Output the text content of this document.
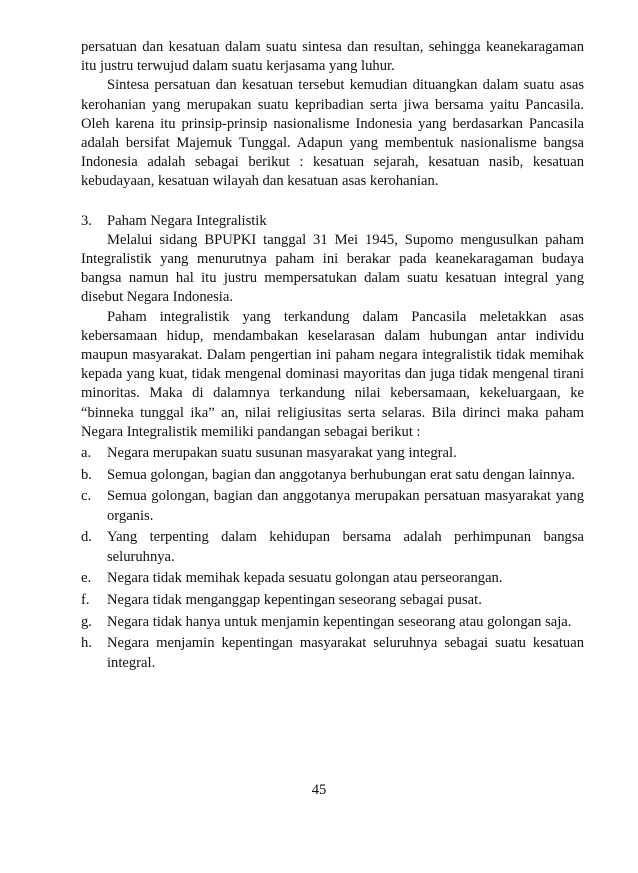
persatuan dan kesatuan dalam suatu sintesa dan resultan, sehingga keanekaragaman itu justru terwujud dalam suatu kerjasama yang luhur.

Sintesa persatuan dan kesatuan tersebut kemudian dituangkan dalam suatu asas kerohanian yang merupakan suatu kepribadian serta jiwa bersama yaitu Pancasila. Oleh karena itu prinsip-prinsip nasionalisme Indonesia yang berdasarkan Pancasila adalah bersifat Majemuk Tunggal. Adapun yang membentuk nasionalisme bangsa Indonesia adalah sebagai berikut : kesatuan sejarah, kesatuan nasib, kesatuan kebudayaan, kesatuan wilayah dan kesatuan asas kerohanian.

3. Paham Negara Integralistik

Melalui sidang BPUPKI tanggal 31 Mei 1945, Supomo mengusulkan paham Integralistik yang menurutnya paham ini berakar pada keanekaragaman budaya bangsa namun hal itu justru mempersatukan dalam suatu kesatuan integral yang disebut Negara Indonesia.

Paham integralistik yang terkandung dalam Pancasila meletakkan asas kebersamaan hidup, mendambakan keselarasan dalam hubungan antar individu maupun masyarakat. Dalam pengertian ini paham negara integralistik tidak memihak kepada yang kuat, tidak mengenal dominasi mayoritas dan juga tidak mengenal tirani minoritas. Maka di dalamnya terkandung nilai kebersamaan, kekeluargaan, ke “binneka tunggal ika” an, nilai religiusitas serta selaras. Bila dirinci maka paham Negara Integralistik memiliki pandangan sebagai berikut :

a. Negara merupakan suatu susunan masyarakat yang integral.
b. Semua golongan, bagian dan anggotanya berhubungan erat satu dengan lainnya.
c. Semua golongan, bagian dan anggotanya merupakan persatuan masyarakat yang organis.
d. Yang terpenting dalam kehidupan bersama adalah perhimpunan bangsa seluruhnya.
e. Negara tidak memihak kepada sesuatu golongan atau perseorangan.
f. Negara tidak menganggap kepentingan seseorang sebagai pusat.
g. Negara tidak hanya untuk menjamin kepentingan seseorang atau golongan saja.
h. Negara menjamin kepentingan masyarakat seluruhnya sebagai suatu kesatuan integral.
45
